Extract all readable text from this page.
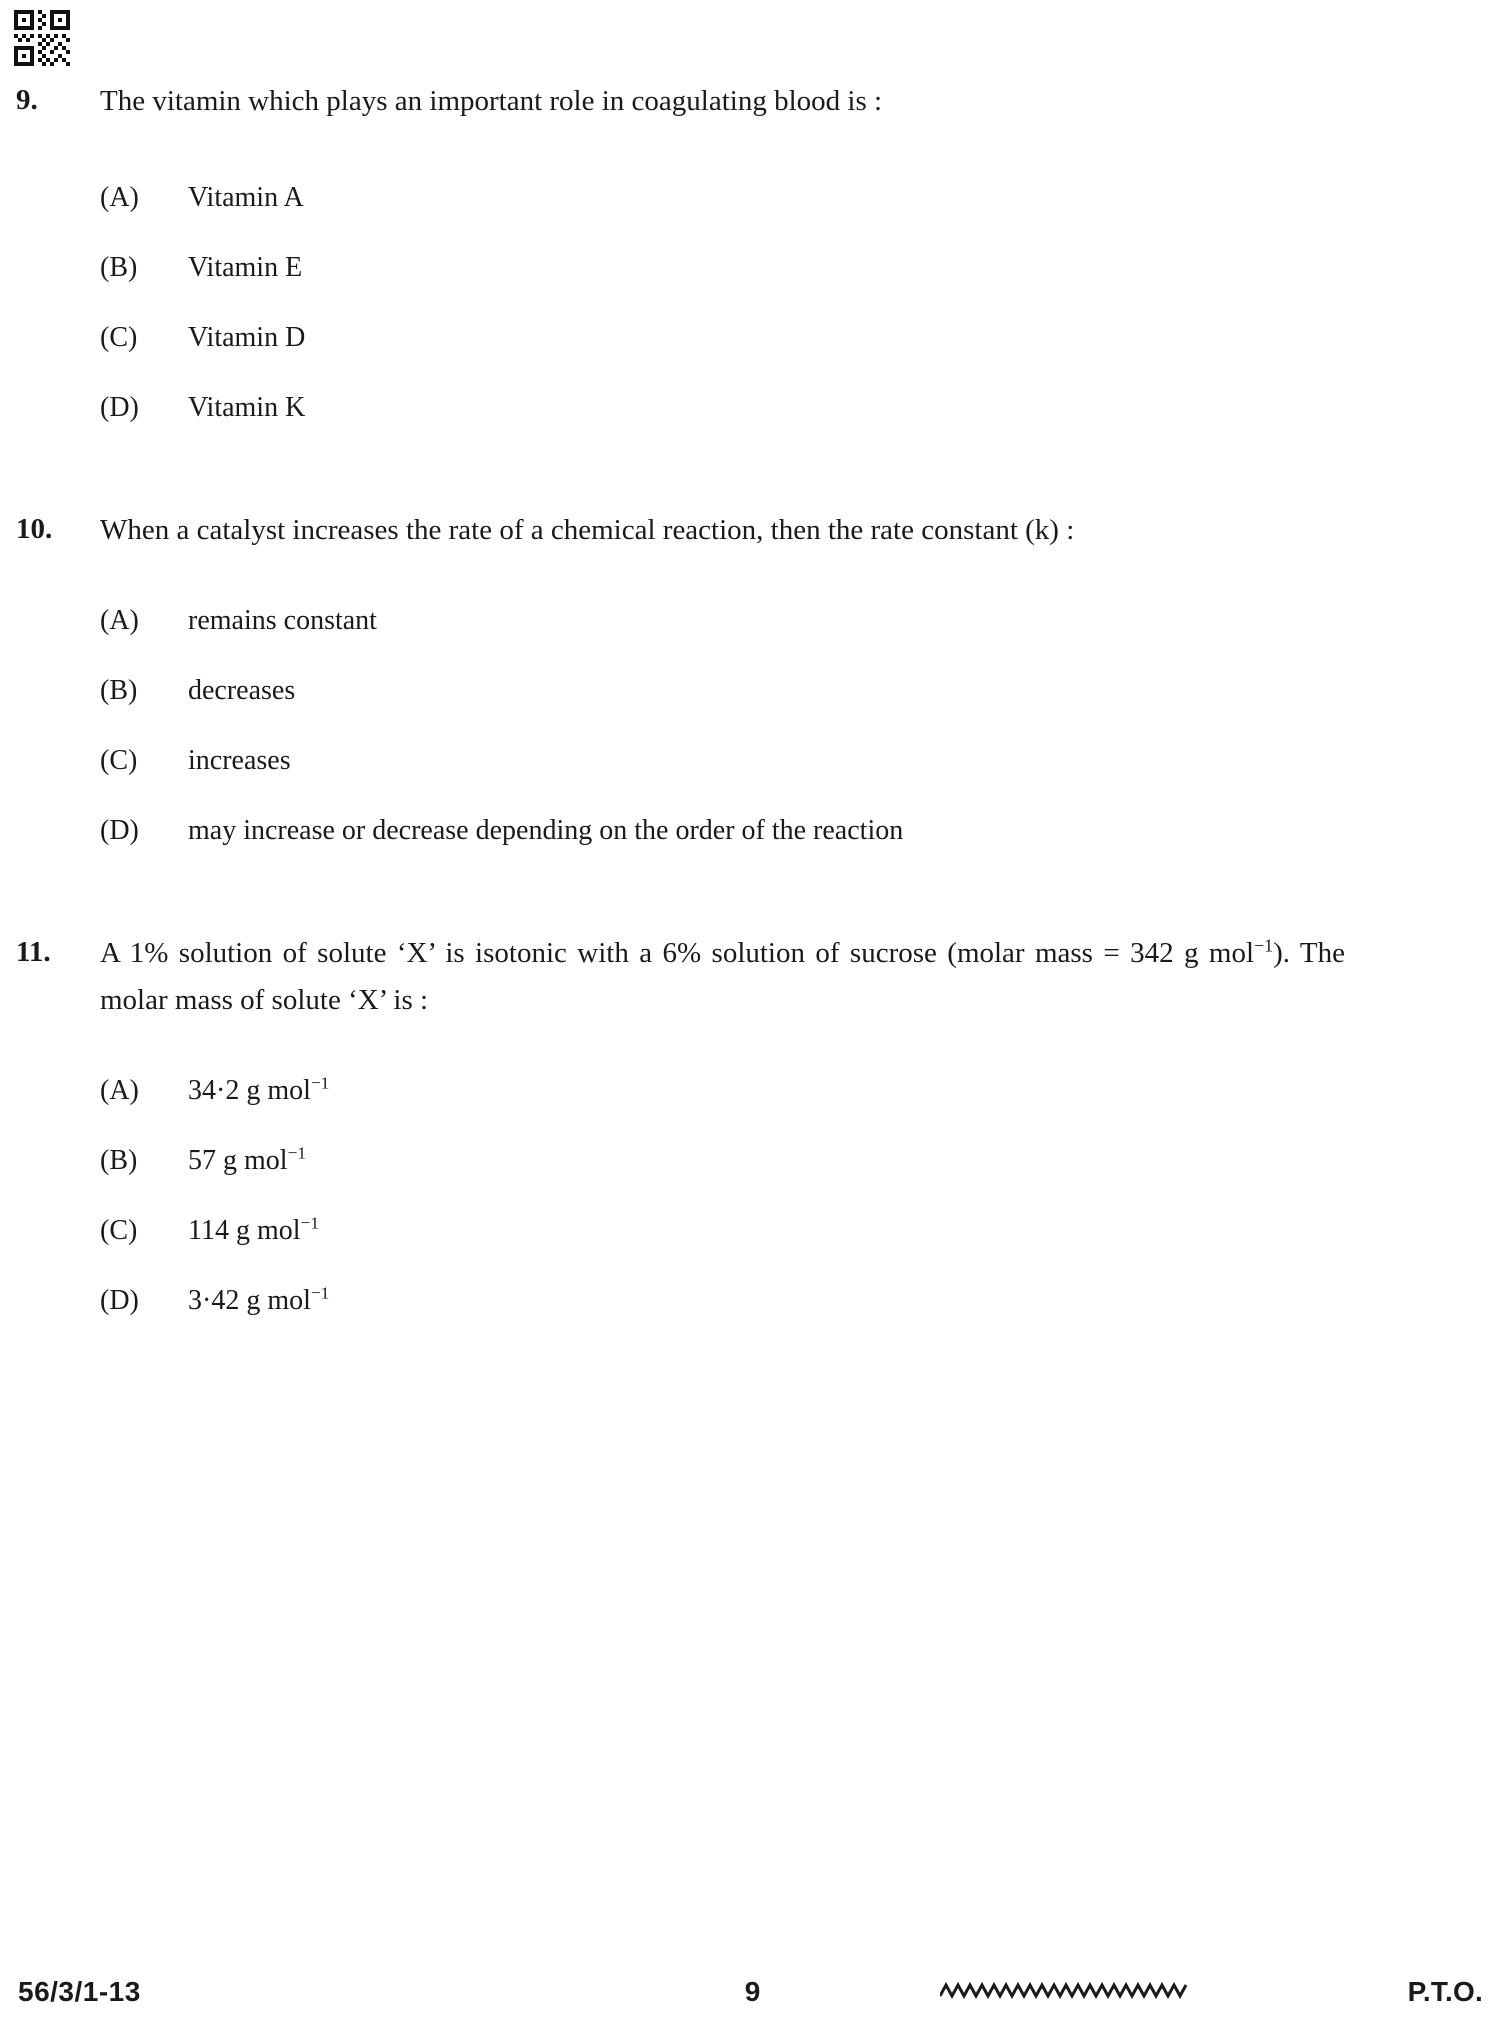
9.	The vitamin which plays an important role in coagulating blood is :
(A)	Vitamin A
(B)	Vitamin E
(C)	Vitamin D
(D)	Vitamin K
10.	When a catalyst increases the rate of a chemical reaction, then the rate constant (k) :
(A)	remains constant
(B)	decreases
(C)	increases
(D)	may increase or decrease depending on the order of the reaction
11.	A 1% solution of solute ‘X’ is isotonic with a 6% solution of sucrose (molar mass = 342 g mol$^{-1}$). The molar mass of solute ‘X’ is :
(A)	34·2 g mol$^{-1}$
(B)	57 g mol$^{-1}$
(C)	114 g mol$^{-1}$
(D)	3·42 g mol$^{-1}$
56/3/1-13	9	P.T.O.
